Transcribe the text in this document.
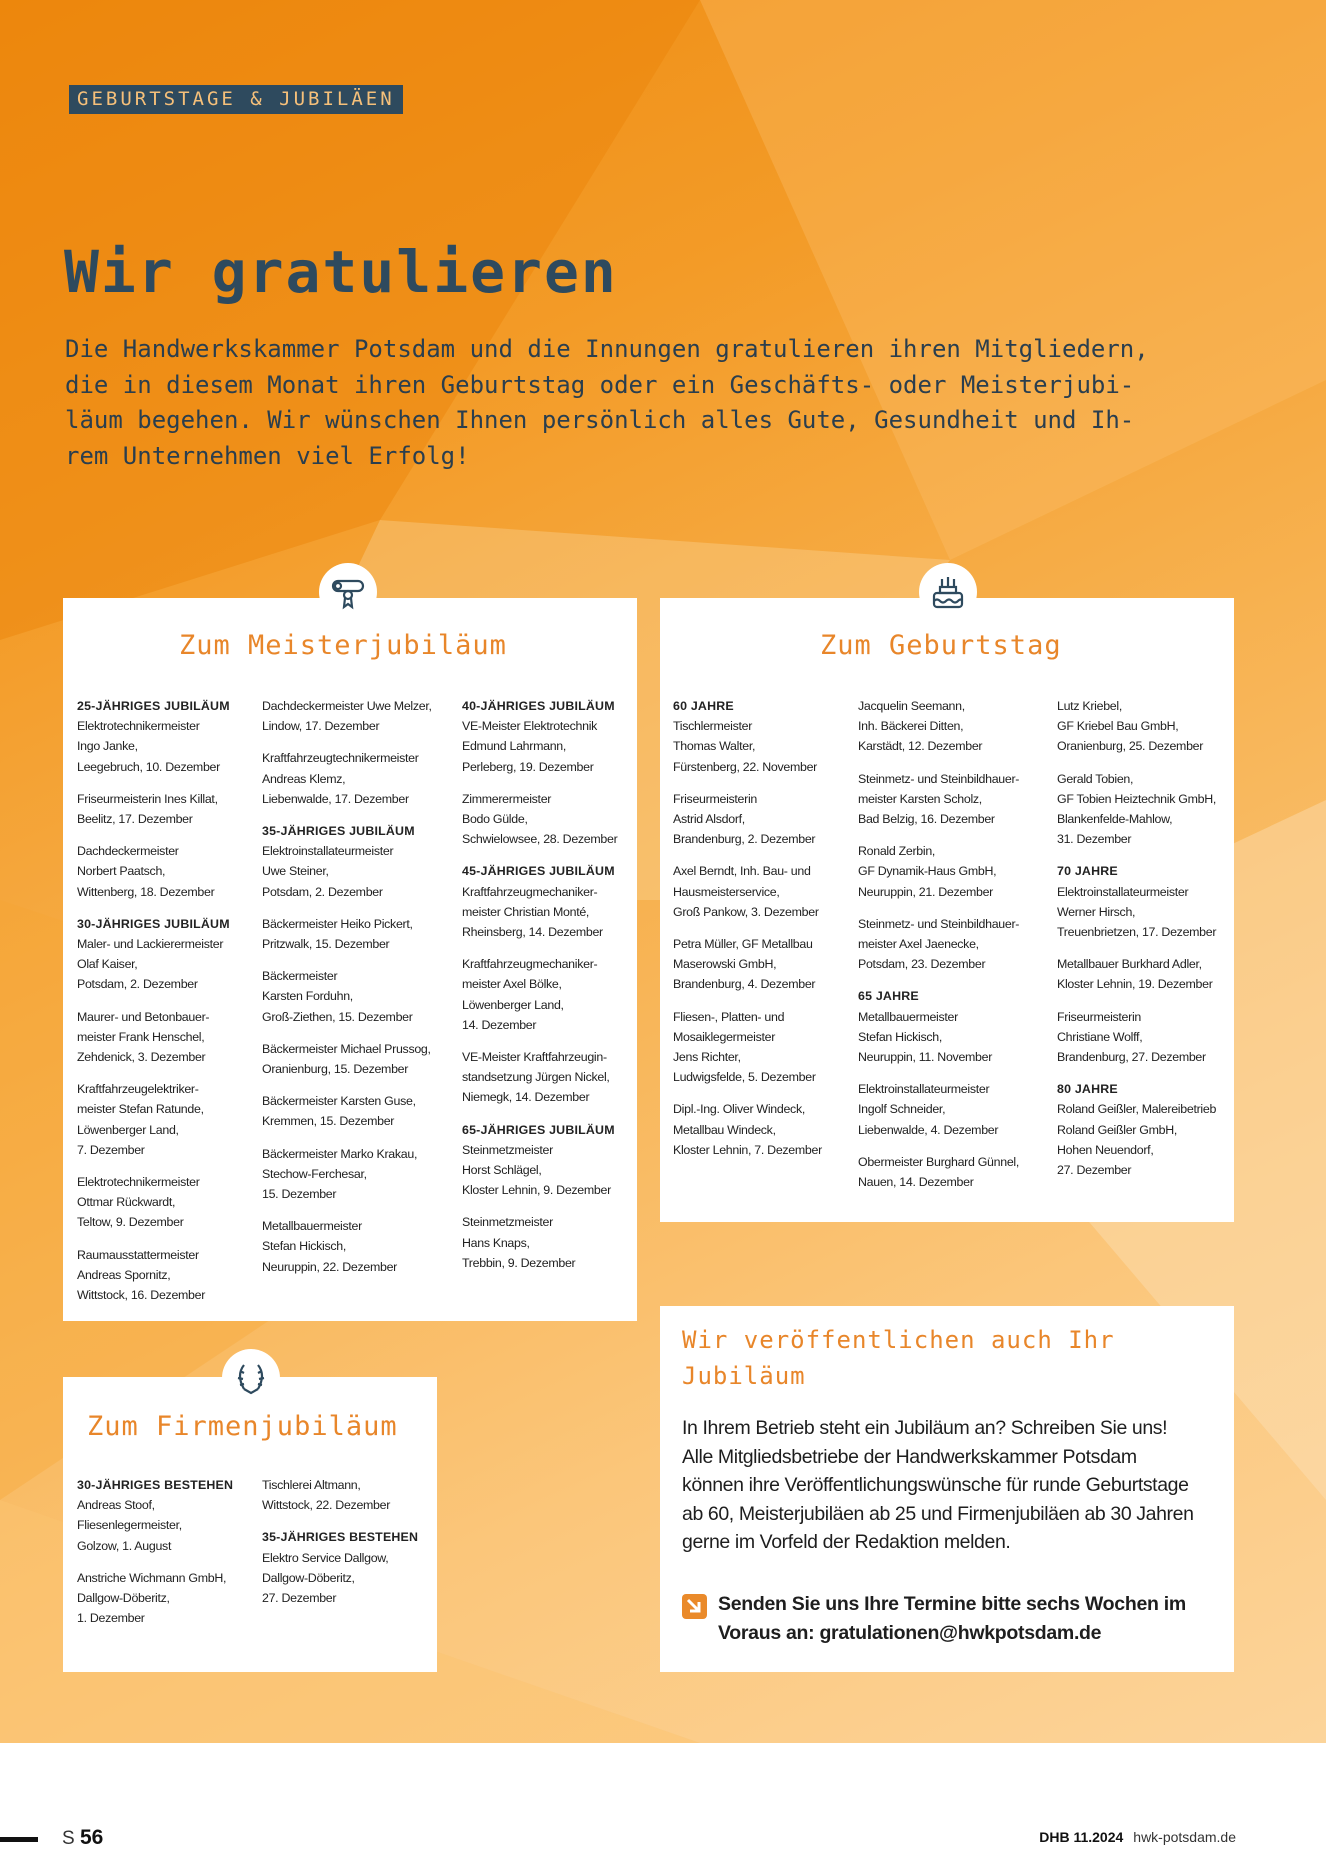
GEBURTSTAGE & JUBILÄEN
Wir gratulieren
Die Handwerkskammer Potsdam und die Innungen gratulieren ihren Mitgliedern,
die in diesem Monat ihren Geburtstag oder ein Geschäfts- oder Meisterjubi-
läum begehen. Wir wünschen Ihnen persönlich alles Gute, Gesundheit und Ih-
rem Unternehmen viel Erfolg!
Zum Meisterjubiläum
25-JÄHRIGES JUBILÄUM
Elektrotechnikermeister
Ingo Janke,
Leegebruch, 10. Dezember
Friseurmeisterin Ines Killat,
Beelitz, 17. Dezember
Dachdeckermeister
Norbert Paatsch,
Wittenberg, 18. Dezember
30-JÄHRIGES JUBILÄUM
Maler- und Lackierermeister
Olaf Kaiser,
Potsdam, 2. Dezember
Maurer- und Betonbauer-
meister Frank Henschel,
Zehdenick, 3. Dezember
Kraftfahrzeugelektriker-
meister Stefan Ratunde,
Löwenberger Land,
7. Dezember
Elektrotechnikermeister
Ottmar Rückwardt,
Teltow, 9. Dezember
Raumausstattermeister
Andreas Spornitz,
Wittstock, 16. Dezember
Dachdeckermeister Uwe Melzer,
Lindow, 17. Dezember
Kraftfahrzeugtechnikermeister
Andreas Klemz,
Liebenwalde, 17. Dezember
35-JÄHRIGES JUBILÄUM
Elektroinstallateurmeister
Uwe Steiner,
Potsdam, 2. Dezember
Bäckermeister Heiko Pickert,
Pritzwalk, 15. Dezember
Bäckermeister
Karsten Forduhn,
Groß-Ziethen, 15. Dezember
Bäckermeister Michael Prussog,
Oranienburg, 15. Dezember
Bäckermeister Karsten Guse,
Kremmen, 15. Dezember
Bäckermeister Marko Krakau,
Stechow-Ferchesar,
15. Dezember
Metallbauermeister
Stefan Hickisch,
Neuruppin, 22. Dezember
40-JÄHRIGES JUBILÄUM
VE-Meister Elektrotechnik
Edmund Lahrmann,
Perleberg, 19. Dezember
Zimmerermeister
Bodo Gülde,
Schwielowsee, 28. Dezember
45-JÄHRIGES JUBILÄUM
Kraftfahrzeugmechaniker-
meister Christian Monté,
Rheinsberg, 14. Dezember
Kraftfahrzeugmechaniker-
meister Axel Bölke,
Löwenberger Land,
14. Dezember
VE-Meister Kraftfahrzeugin-
standsetzung Jürgen Nickel,
Niemegk, 14. Dezember
65-JÄHRIGES JUBILÄUM
Steinmetzmeister
Horst Schlägel,
Kloster Lehnin, 9. Dezember
Steinmetzmeister
Hans Knaps,
Trebbin, 9. Dezember
Zum Geburtstag
60 JAHRE
Tischlermeister
Thomas Walter,
Fürstenberg, 22. November
Friseurmeisterin
Astrid Alsdorf,
Brandenburg, 2. Dezember
Axel Berndt, Inh. Bau- und
Hausmeisterservice,
Groß Pankow, 3. Dezember
Petra Müller, GF Metallbau
Maserowski GmbH,
Brandenburg, 4. Dezember
Fliesen-, Platten- und
Mosaiklegermeister
Jens Richter,
Ludwigsfelde, 5. Dezember
Dipl.-Ing. Oliver Windeck,
Metallbau Windeck,
Kloster Lehnin, 7. Dezember
Jacquelin Seemann,
Inh. Bäckerei Ditten,
Karstädt, 12. Dezember
Steinmetz- und Steinbildhauer-
meister Karsten Scholz,
Bad Belzig, 16. Dezember
Ronald Zerbin,
GF Dynamik-Haus GmbH,
Neuruppin, 21. Dezember
Steinmetz- und Steinbildhauer-
meister Axel Jaenecke,
Potsdam, 23. Dezember
65 JAHRE
Metallbauermeister
Stefan Hickisch,
Neuruppin, 11. November
Elektroinstallateurmeister
Ingolf Schneider,
Liebenwalde, 4. Dezember
Obermeister Burghard Günnel,
Nauen, 14. Dezember
Lutz Kriebel,
GF Kriebel Bau GmbH,
Oranienburg, 25. Dezember
Gerald Tobien,
GF Tobien Heiztechnik GmbH,
Blankenfelde-Mahlow,
31. Dezember
70 JAHRE
Elektroinstallateurmeister
Werner Hirsch,
Treuenbrietzen, 17. Dezember
Metallbauer Burkhard Adler,
Kloster Lehnin, 19. Dezember
Friseurmeisterin
Christiane Wolff,
Brandenburg, 27. Dezember
80 JAHRE
Roland Geißler, Malereibetrieb
Roland Geißler GmbH,
Hohen Neuendorf,
27. Dezember
Zum Firmenjubiläum
30-JÄHRIGES BESTEHEN
Andreas Stoof,
Fliesenlegermeister,
Golzow, 1. August
Anstriche Wichmann GmbH,
Dallgow-Döberitz,
1. Dezember
Tischlerei Altmann,
Wittstock, 22. Dezember
35-JÄHRIGES BESTEHEN
Elektro Service Dallgow,
Dallgow-Döberitz,
27. Dezember
Wir veröffentlichen auch Ihr
Jubiläum
In Ihrem Betrieb steht ein Jubiläum an? Schreiben Sie uns!
Alle Mitgliedsbetriebe der Handwerkskammer Potsdam
können ihre Veröffentlichungswünsche für runde Geburtstage
ab 60, Meisterjubiläen ab 25 und Firmenjubiläen ab 30 Jahren
gerne im Vorfeld der Redaktion melden.
Senden Sie uns Ihre Termine bitte sechs Wochen im
Voraus an: gratulationen@hwkpotsdam.de
S 56	DHB 11.2024 hwk-potsdam.de
